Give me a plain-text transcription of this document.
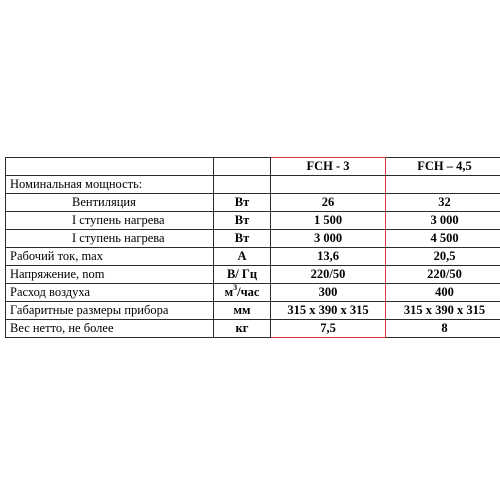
		FCH - 3	FCH – 4,5
Номинальная мощность:			
Вентиляция	Вт	26	32
I ступень нагрева	Вт	1 500	3 000
I ступень нагрева	Вт	3 000	4 500
Рабочий ток, max	А	13,6	20,5
Напряжение, nom	В/ Гц	220/50	220/50
Расход воздуха	$м^3$/час	300	400
Габаритные размеры прибора	мм	315 x 390 x 315	315 x 390 x 315
Вес нетто, не более	кг	7,5	8
